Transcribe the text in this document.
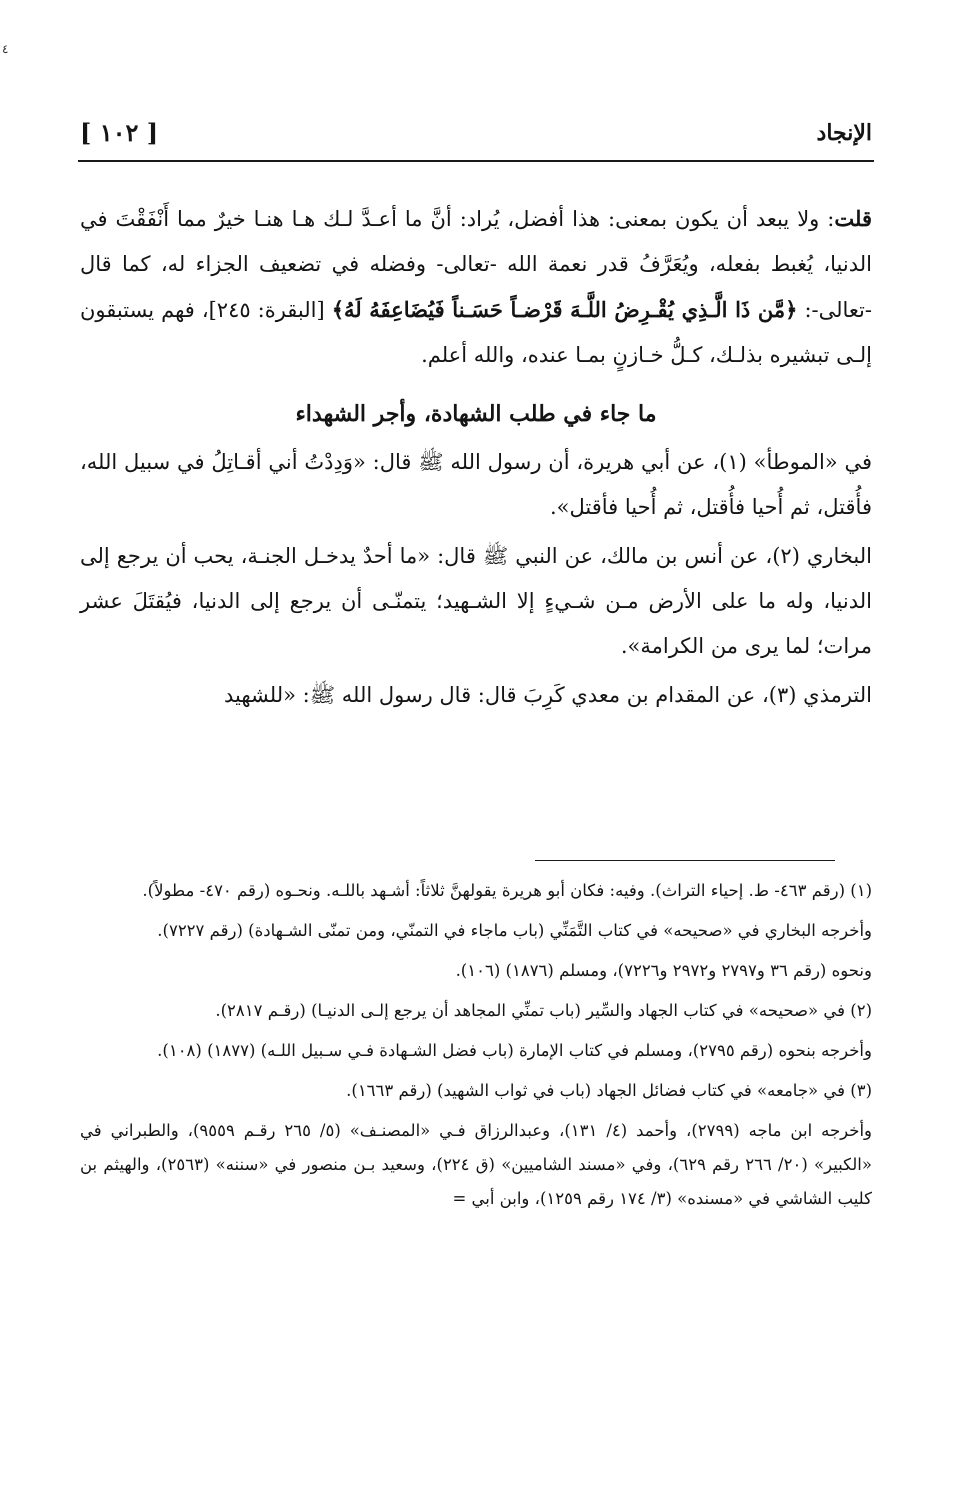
٤
الإنجاد
[ ١٠٢ ]

قلت: ولا يبعد أن يكون بمعنى: هذا أفضل، يُراد: أنَّ ما أعـدَّ لـك هـا هنـا خيرٌ مما أَنْفَقْتَ في الدنيا، يُغبط بفعله، ويُعَرَّفُ قدر نعمة الله -تعالى- وفضله في تضعيف الجزاء له، كما قال -تعالى-: ﴿مَّن ذَا الَّـذِي يُقْـرِضُ اللَّـهَ قَرْضـاً حَسَـناً فَيُضَاعِفَهُ لَهُ﴾ [البقرة: ٢٤٥]، فهم يستبقون إلـى تبشيره بذلـك، كـلُّ خـازنٍ بمـا عنده، والله أعلم.

ما جاء في طلب الشهادة، وأجر الشهداء

في «الموطأ» (١)، عن أبي هريرة، أن رسول الله ﷺ قال: «وَدِدْتُ أني أقـاتِلُ في سبيل الله، فأُقتل، ثم أُحيا فأُقتل، ثم أُحيا فأقتل».

البخاري (٢)، عن أنس بن مالك، عن النبي ﷺ قال: «ما أحدٌ يدخـل الجنـة، يحب أن يرجع إلى الدنيا، وله ما على الأرض مـن شـيءٍ إلا الشـهيد؛ يتمنّـى أن يرجع إلى الدنيا، فيُقتَلَ عشر مرات؛ لما يرى من الكرامة».

الترمذي (٣)، عن المقدام بن معدي كَرِبَ قال: قال رسول الله ﷺ: «للشهيد

(١) (رقم ٤٦٣- ط. إحياء التراث). وفيه: فكان أبو هريرة يقولهنَّ ثلاثاً: أشـهد باللـه. ونحـوه (رقم ٤٧٠- مطولاً).

وأخرجه البخاري في «صحيحه» في كتاب التَّمَنِّي (باب ماجاء في التمنّي، ومن تمنّى الشـهادة) (رقم ٧٢٢٧).

ونحوه (رقم ٣٦ و٢٧٩٧ و٢٩٧٢ و٧٢٢٦)، ومسلم (١٨٧٦) (١٠٦).

(٢) في «صحيحه» في كتاب الجهاد والسِّير (باب تمنِّي المجاهد أن يرجع إلـى الدنيـا) (رقـم ٢٨١٧).

وأخرجه بنحوه (رقم ٢٧٩٥)، ومسلم في كتاب الإمارة (باب فضل الشـهادة فـي سـبيل اللـه) (١٨٧٧) (١٠٨).

(٣) في «جامعه» في كتاب فضائل الجهاد (باب في ثواب الشهيد) (رقم ١٦٦٣).

وأخرجه ابن ماجه (٢٧٩٩)، وأحمد (٤/ ١٣١)، وعبدالرزاق فـي «المصنـف» (٥/ ٢٦٥ رقـم ٩٥٥٩)، والطبراني في «الكبير» (٢٠/ ٢٦٦ رقم ٦٢٩)، وفي «مسند الشاميين» (ق ٢٢٤)، وسعيد بـن منصور في «سننه» (٢٥٦٣)، والهيثم بن كليب الشاشي في «مسنده» (٣/ ١٧٤ رقم ١٢٥٩)، وابن أبي =
